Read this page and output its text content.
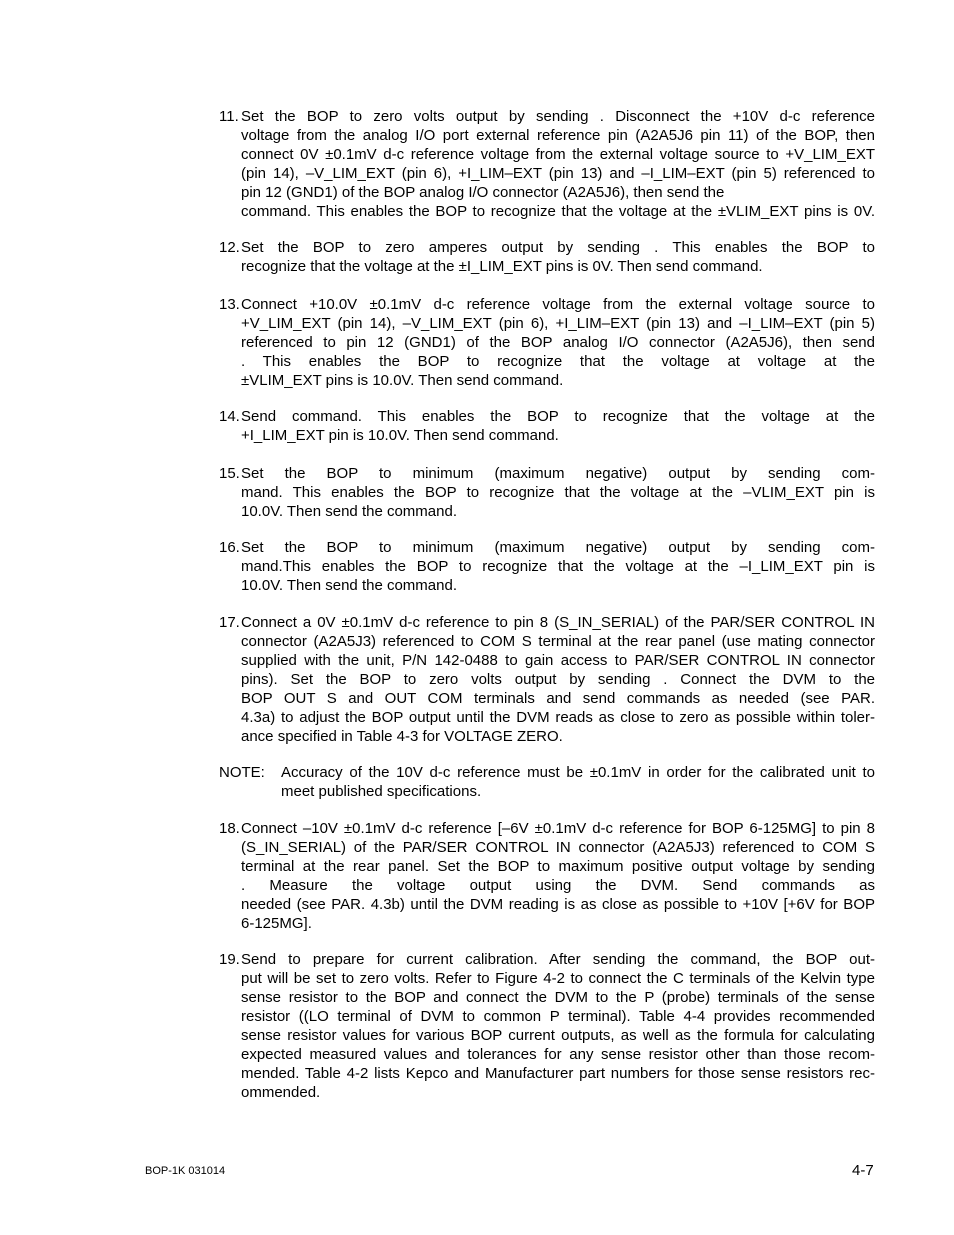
11. Set the BOP to zero volts output by sending . Disconnect the +10V d-c reference
voltage from the analog I/O port external reference pin (A2A5J6 pin 11) of the BOP, then
connect 0V ±0.1mV d-c reference voltage from the external voltage source to +V_LIM_EXT
(pin 14), –V_LIM_EXT (pin 6), +I_LIM–EXT (pin 13) and –I_LIM–EXT (pin 5) referenced to
pin 12 (GND1) of the BOP analog I/O connector (A2A5J6), then send the
command. This enables the BOP to recognize that the voltage at the ±VLIM_EXT pins is 0V.
12. Set the BOP to zero amperes output by sending . This enables the BOP to
recognize that the voltage at the ±I_LIM_EXT pins is 0V. Then send command.
13. Connect +10.0V ±0.1mV d-c reference voltage from the external voltage source to
+V_LIM_EXT (pin 14), –V_LIM_EXT (pin 6), +I_LIM–EXT (pin 13) and –I_LIM–EXT (pin 5)
referenced to pin 12 (GND1) of the BOP analog I/O connector (A2A5J6), then send
. This enables the BOP to recognize that the voltage at voltage at the
±VLIM_EXT pins is 10.0V. Then send command.
14. Send command. This enables the BOP to recognize that the voltage at the
+I_LIM_EXT pin is 10.0V. Then send command.
15. Set the BOP to minimum (maximum negative) output by sending com-
mand. This enables the BOP to recognize that the voltage at the –VLIM_EXT pin is
10.0V. Then send the command.
16. Set the BOP to minimum (maximum negative) output by sending com-
mand.This enables the BOP to recognize that the voltage at the –I_LIM_EXT pin is
10.0V. Then send the command.
17. Connect a 0V ±0.1mV d-c reference to pin 8 (S_IN_SERIAL) of the PAR/SER CONTROL IN
connector (A2A5J3) referenced to COM S terminal at the rear panel (use mating connector
supplied with the unit, P/N 142-0488 to gain access to PAR/SER CONTROL IN connector
pins). Set the BOP to zero volts output by sending . Connect the DVM to the
BOP OUT S and OUT COM terminals and send commands as needed (see PAR.
4.3a) to adjust the BOP output until the DVM reads as close to zero as possible within toler-
ance specified in Table 4-3 for VOLTAGE ZERO.
NOTE: Accuracy of the 10V d-c reference must be ±0.1mV in order for the calibrated unit to
meet published specifications.
18. Connect –10V ±0.1mV d-c reference [–6V ±0.1mV d-c reference for BOP 6-125MG] to pin 8
(S_IN_SERIAL) of the PAR/SER CONTROL IN connector (A2A5J3) referenced to COM S
terminal at the rear panel. Set the BOP to maximum positive output voltage by sending
. Measure the voltage output using the DVM. Send commands as
needed (see PAR. 4.3b) until the DVM reading is as close as possible to +10V [+6V for BOP
6-125MG].
19. Send to prepare for current calibration. After sending the command, the BOP out-
put will be set to zero volts. Refer to Figure 4-2 to connect the C terminals of the Kelvin type
sense resistor to the BOP and connect the DVM to the P (probe) terminals of the sense
resistor ((LO terminal of DVM to common P terminal). Table 4-4 provides recommended
sense resistor values for various BOP current outputs, as well as the formula for calculating
expected measured values and tolerances for any sense resistor other than those recom-
mended. Table 4-2 lists Kepco and Manufacturer part numbers for those sense resistors rec-
ommended.
BOP-1K 031014	4-7
